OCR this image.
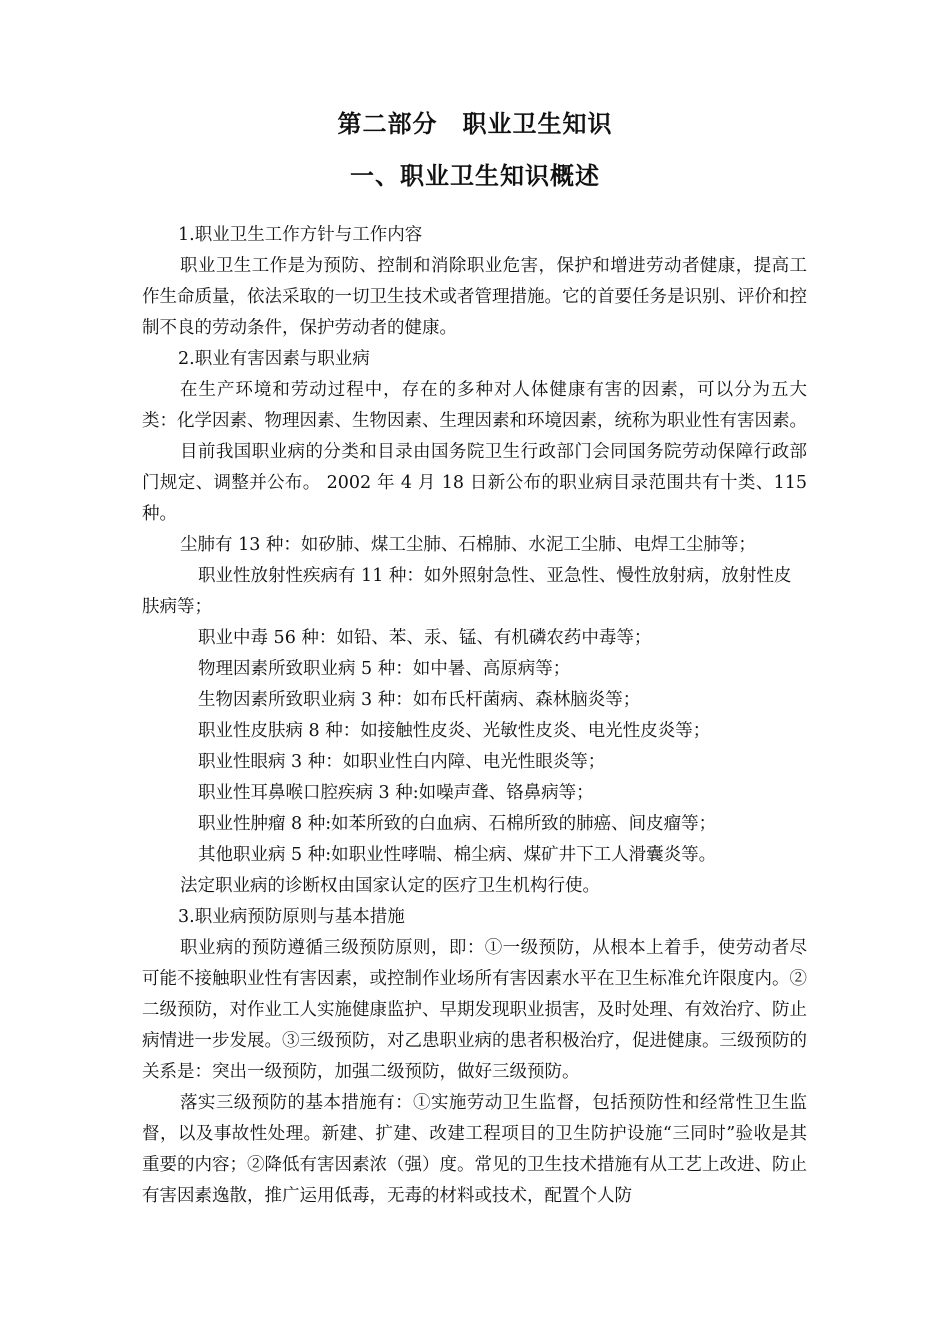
第二部分　职业卫生知识
一、职业卫生知识概述

1.职业卫生工作方针与工作内容

职业卫生工作是为预防、控制和消除职业危害，保护和增进劳动者健康，提高工作生命质量，依法采取的一切卫生技术或者管理措施。它的首要任务是识别、评价和控制不良的劳动条件，保护劳动者的健康。

2.职业有害因素与职业病

在生产环境和劳动过程中，存在的多种对人体健康有害的因素，可以分为五大类：化学因素、物理因素、生物因素、生理因素和环境因素，统称为职业性有害因素。

目前我国职业病的分类和目录由国务院卫生行政部门会同国务院劳动保障行政部门规定、调整并公布。 2002 年 4 月 18 日新公布的职业病目录范围共有十类、115 种。

尘肺有 13 种：如矽肺、煤工尘肺、石棉肺、水泥工尘肺、电焊工尘肺等；

职业性放射性疾病有 11 种：如外照射急性、亚急性、慢性放射病，放射性皮肤病等；

职业中毒 56 种：如铅、苯、汞、锰、有机磷农药中毒等；

物理因素所致职业病 5 种：如中暑、高原病等；

生物因素所致职业病 3 种：如布氏杆菌病、森林脑炎等；

职业性皮肤病 8 种：如接触性皮炎、光敏性皮炎、电光性皮炎等；

职业性眼病 3 种：如职业性白内障、电光性眼炎等；

职业性耳鼻喉口腔疾病 3 种:如噪声聋、铬鼻病等；

职业性肿瘤 8 种:如苯所致的白血病、石棉所致的肺癌、间皮瘤等；

其他职业病 5 种:如职业性哮喘、棉尘病、煤矿井下工人滑囊炎等。

法定职业病的诊断权由国家认定的医疗卫生机构行使。

3.职业病预防原则与基本措施

职业病的预防遵循三级预防原则，即：①一级预防，从根本上着手，使劳动者尽可能不接触职业性有害因素，或控制作业场所有害因素水平在卫生标准允许限度内。②二级预防，对作业工人实施健康监护、早期发现职业损害，及时处理、有效治疗、防止病情进一步发展。③三级预防，对乙患职业病的患者积极治疗，促进健康。三级预防的关系是：突出一级预防，加强二级预防，做好三级预防。

落实三级预防的基本措施有：①实施劳动卫生监督，包括预防性和经常性卫生监督，以及事故性处理。新建、扩建、改建工程项目的卫生防护设施“三同时”验收是其重要的内容；②降低有害因素浓（强）度。常见的卫生技术措施有从工艺上改进、防止有害因素逸散，推广运用低毒，无毒的材料或技术，配置个人防
